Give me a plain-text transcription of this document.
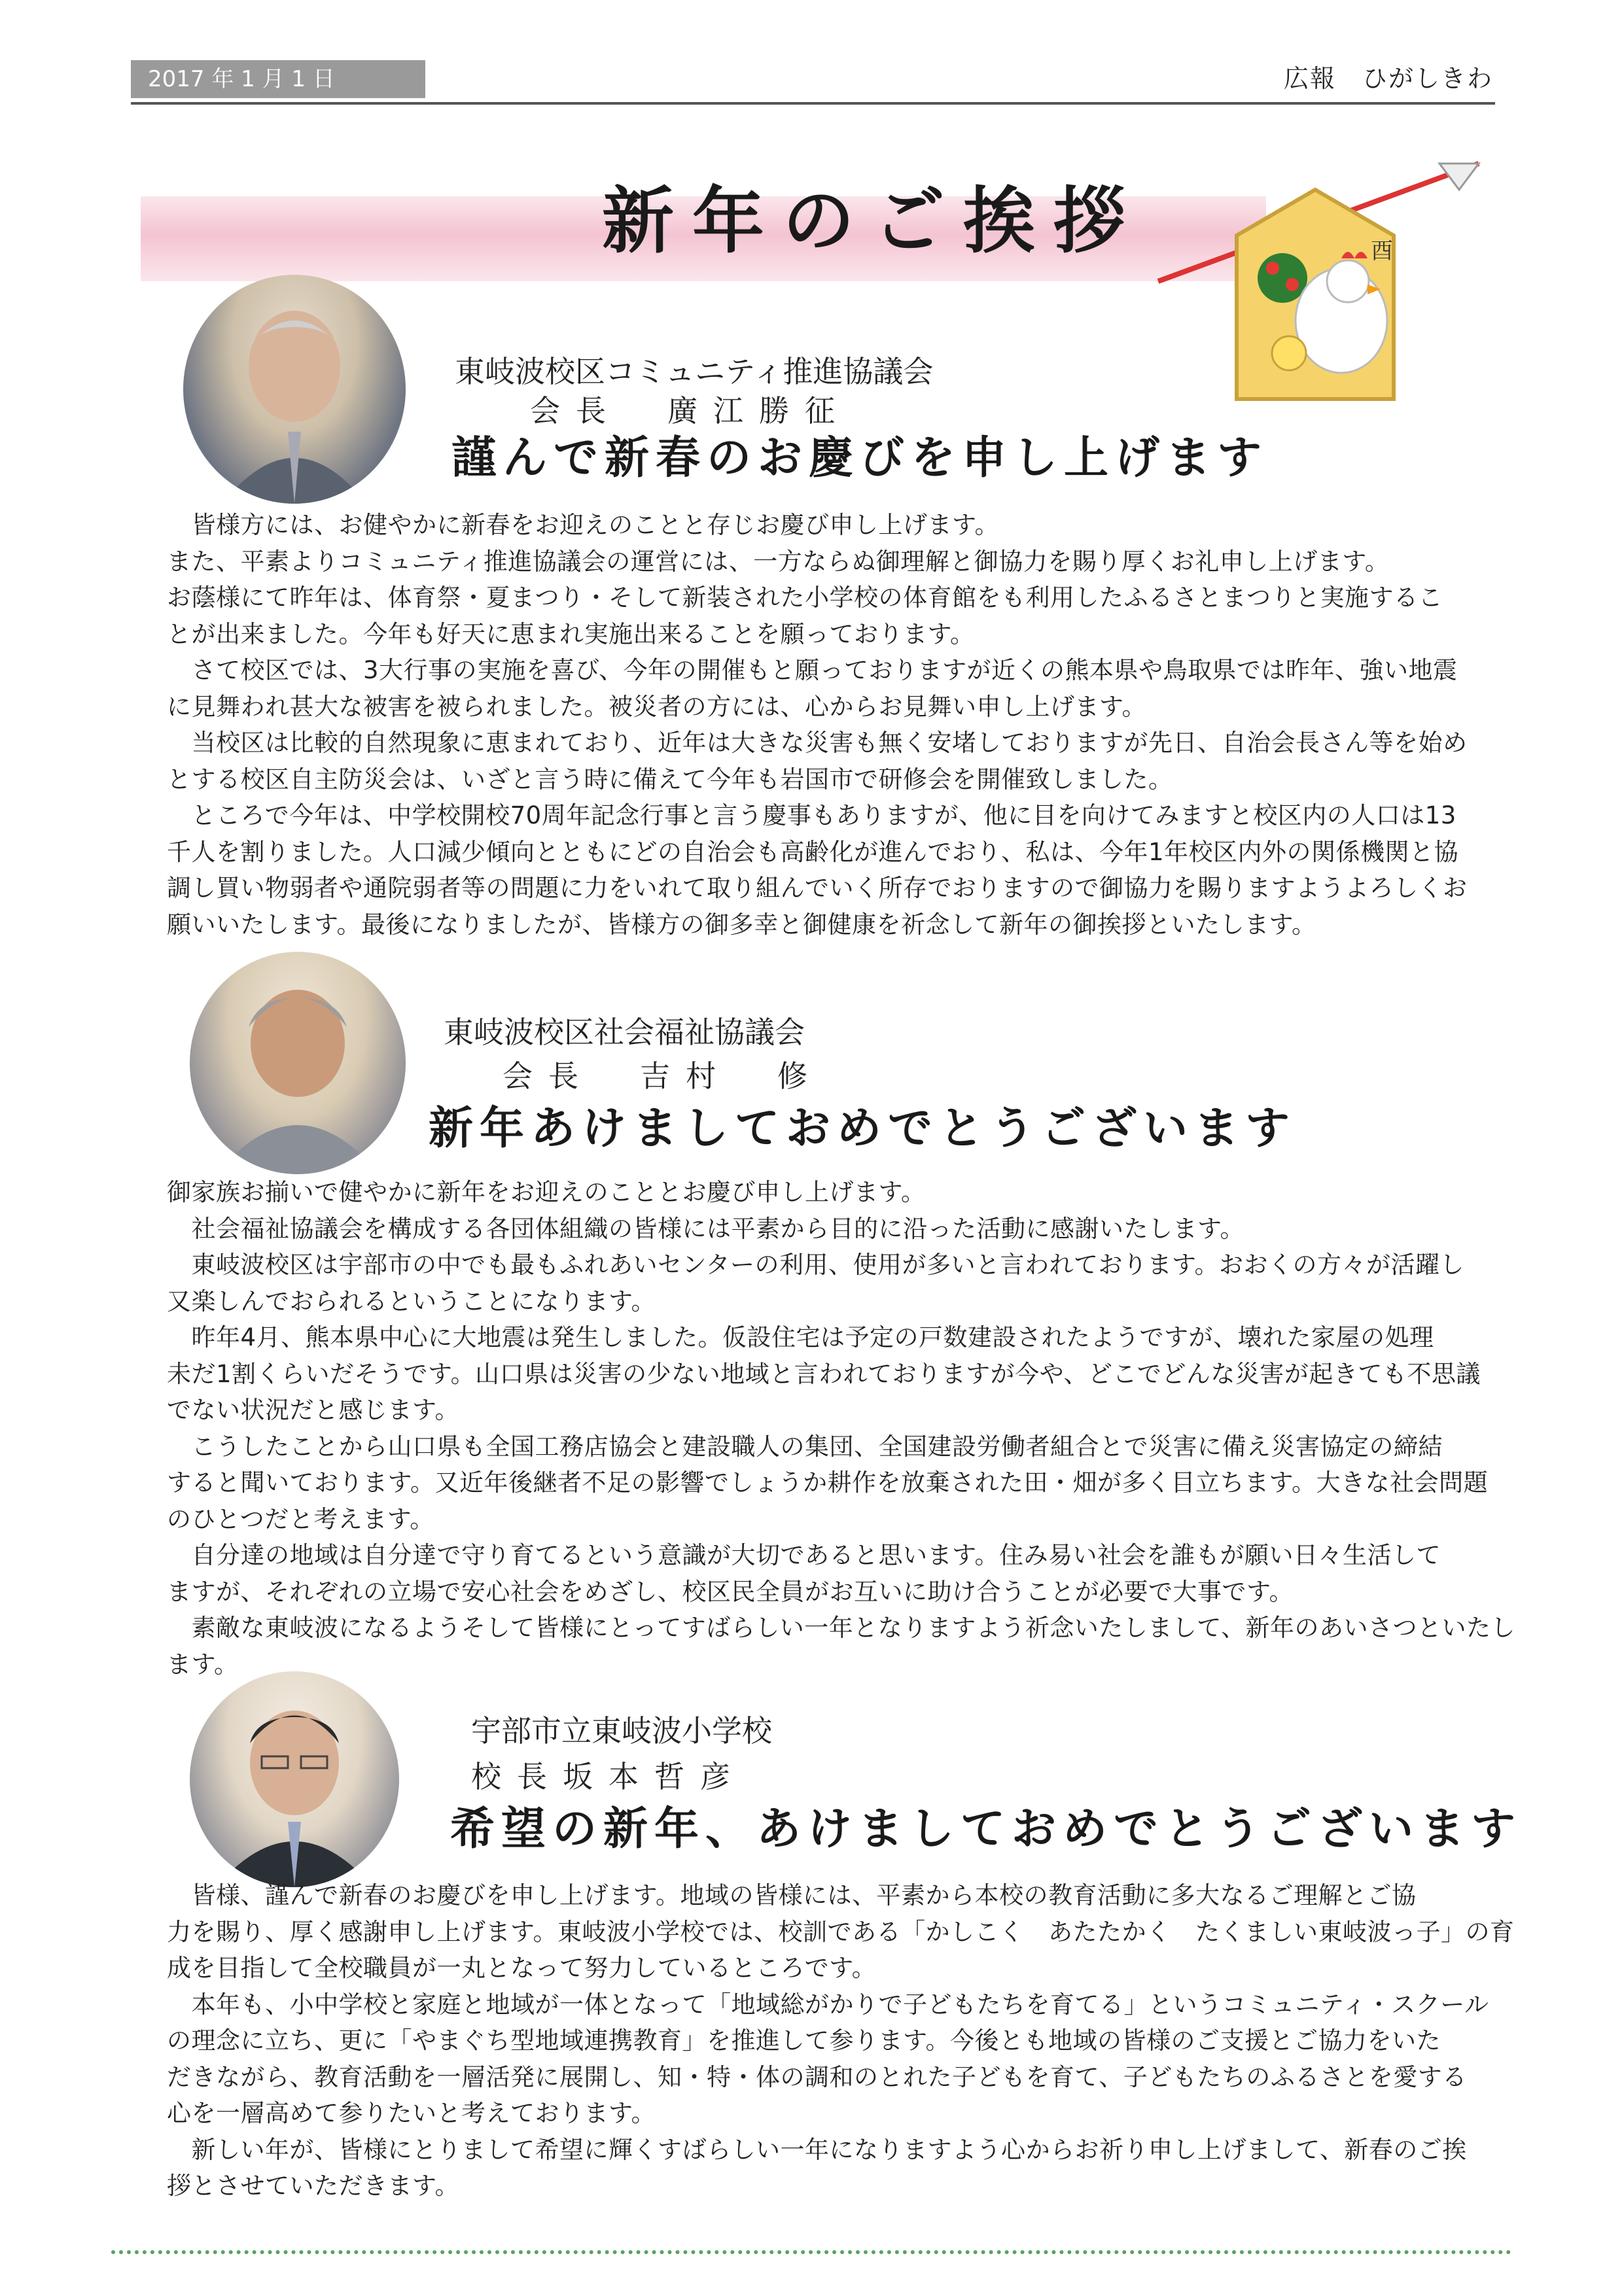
2017 年 1 月 1 日	広報　ひがしきわ
新年のご挨拶	酉
東岐波校区コミュニティ推進協議会
会長　廣江勝征
謹んで新春のお慶びを申し上げます

　皆様方には、お健やかに新春をお迎えのことと存じお慶び申し上げます。

また、平素よりコミュニティ推進協議会の運営には、一方ならぬ御理解と御協力を賜り厚くお礼申し上げます。

お蔭様にて昨年は、体育祭・夏まつり・そして新装された小学校の体育館をも利用したふるさとまつりと実施するこ

とが出来ました。今年も好天に恵まれ実施出来ることを願っております。

　さて校区では、3大行事の実施を喜び、今年の開催もと願っておりますが近くの熊本県や鳥取県では昨年、強い地震

に見舞われ甚大な被害を被られました。被災者の方には、心からお見舞い申し上げます。

　当校区は比較的自然現象に恵まれており、近年は大きな災害も無く安堵しておりますが先日、自治会長さん等を始め

とする校区自主防災会は、いざと言う時に備えて今年も岩国市で研修会を開催致しました。

　ところで今年は、中学校開校70周年記念行事と言う慶事もありますが、他に目を向けてみますと校区内の人口は13

千人を割りました。人口減少傾向とともにどの自治会も高齢化が進んでおり、私は、今年1年校区内外の関係機関と協

調し買い物弱者や通院弱者等の問題に力をいれて取り組んでいく所存でおりますので御協力を賜りますようよろしくお

願いいたします。最後になりましたが、皆様方の御多幸と御健康を祈念して新年の御挨拶といたします。

東岐波校区社会福祉協議会
会長　吉村　修
新年あけましておめでとうございます

御家族お揃いで健やかに新年をお迎えのこととお慶び申し上げます。

　社会福祉協議会を構成する各団体組織の皆様には平素から目的に沿った活動に感謝いたします。

　東岐波校区は宇部市の中でも最もふれあいセンターの利用、使用が多いと言われております。おおくの方々が活躍し

又楽しんでおられるということになります。

　昨年4月、熊本県中心に大地震は発生しました。仮設住宅は予定の戸数建設されたようですが、壊れた家屋の処理

未だ1割くらいだそうです。山口県は災害の少ない地域と言われておりますが今や、どこでどんな災害が起きても不思議

でない状況だと感じます。

　こうしたことから山口県も全国工務店協会と建設職人の集団、全国建設労働者組合とで災害に備え災害協定の締結

すると聞いております。又近年後継者不足の影響でしょうか耕作を放棄された田・畑が多く目立ちます。大きな社会問題

のひとつだと考えます。

　自分達の地域は自分達で守り育てるという意識が大切であると思います。住み易い社会を誰もが願い日々生活して

ますが、それぞれの立場で安心社会をめざし、校区民全員がお互いに助け合うことが必要で大事です。

　素敵な東岐波になるようそして皆様にとってすばらしい一年となりますよう祈念いたしまして、新年のあいさつといたし

ます。

宇部市立東岐波小学校
校長坂本哲彦
希望の新年、あけましておめでとうございます

　皆様、謹んで新春のお慶びを申し上げます。地域の皆様には、平素から本校の教育活動に多大なるご理解とご協

力を賜り、厚く感謝申し上げます。東岐波小学校では、校訓である「かしこく　あたたかく　たくましい東岐波っ子」の育

成を目指して全校職員が一丸となって努力しているところです。

　本年も、小中学校と家庭と地域が一体となって「地域総がかりで子どもたちを育てる」というコミュニティ・スクール

の理念に立ち、更に「やまぐち型地域連携教育」を推進して参ります。今後とも地域の皆様のご支援とご協力をいた

だきながら、教育活動を一層活発に展開し、知・特・体の調和のとれた子どもを育て、子どもたちのふるさとを愛する

心を一層高めて参りたいと考えております。

　新しい年が、皆様にとりまして希望に輝くすばらしい一年になりますよう心からお祈り申し上げまして、新春のご挨

拶とさせていただきます。
